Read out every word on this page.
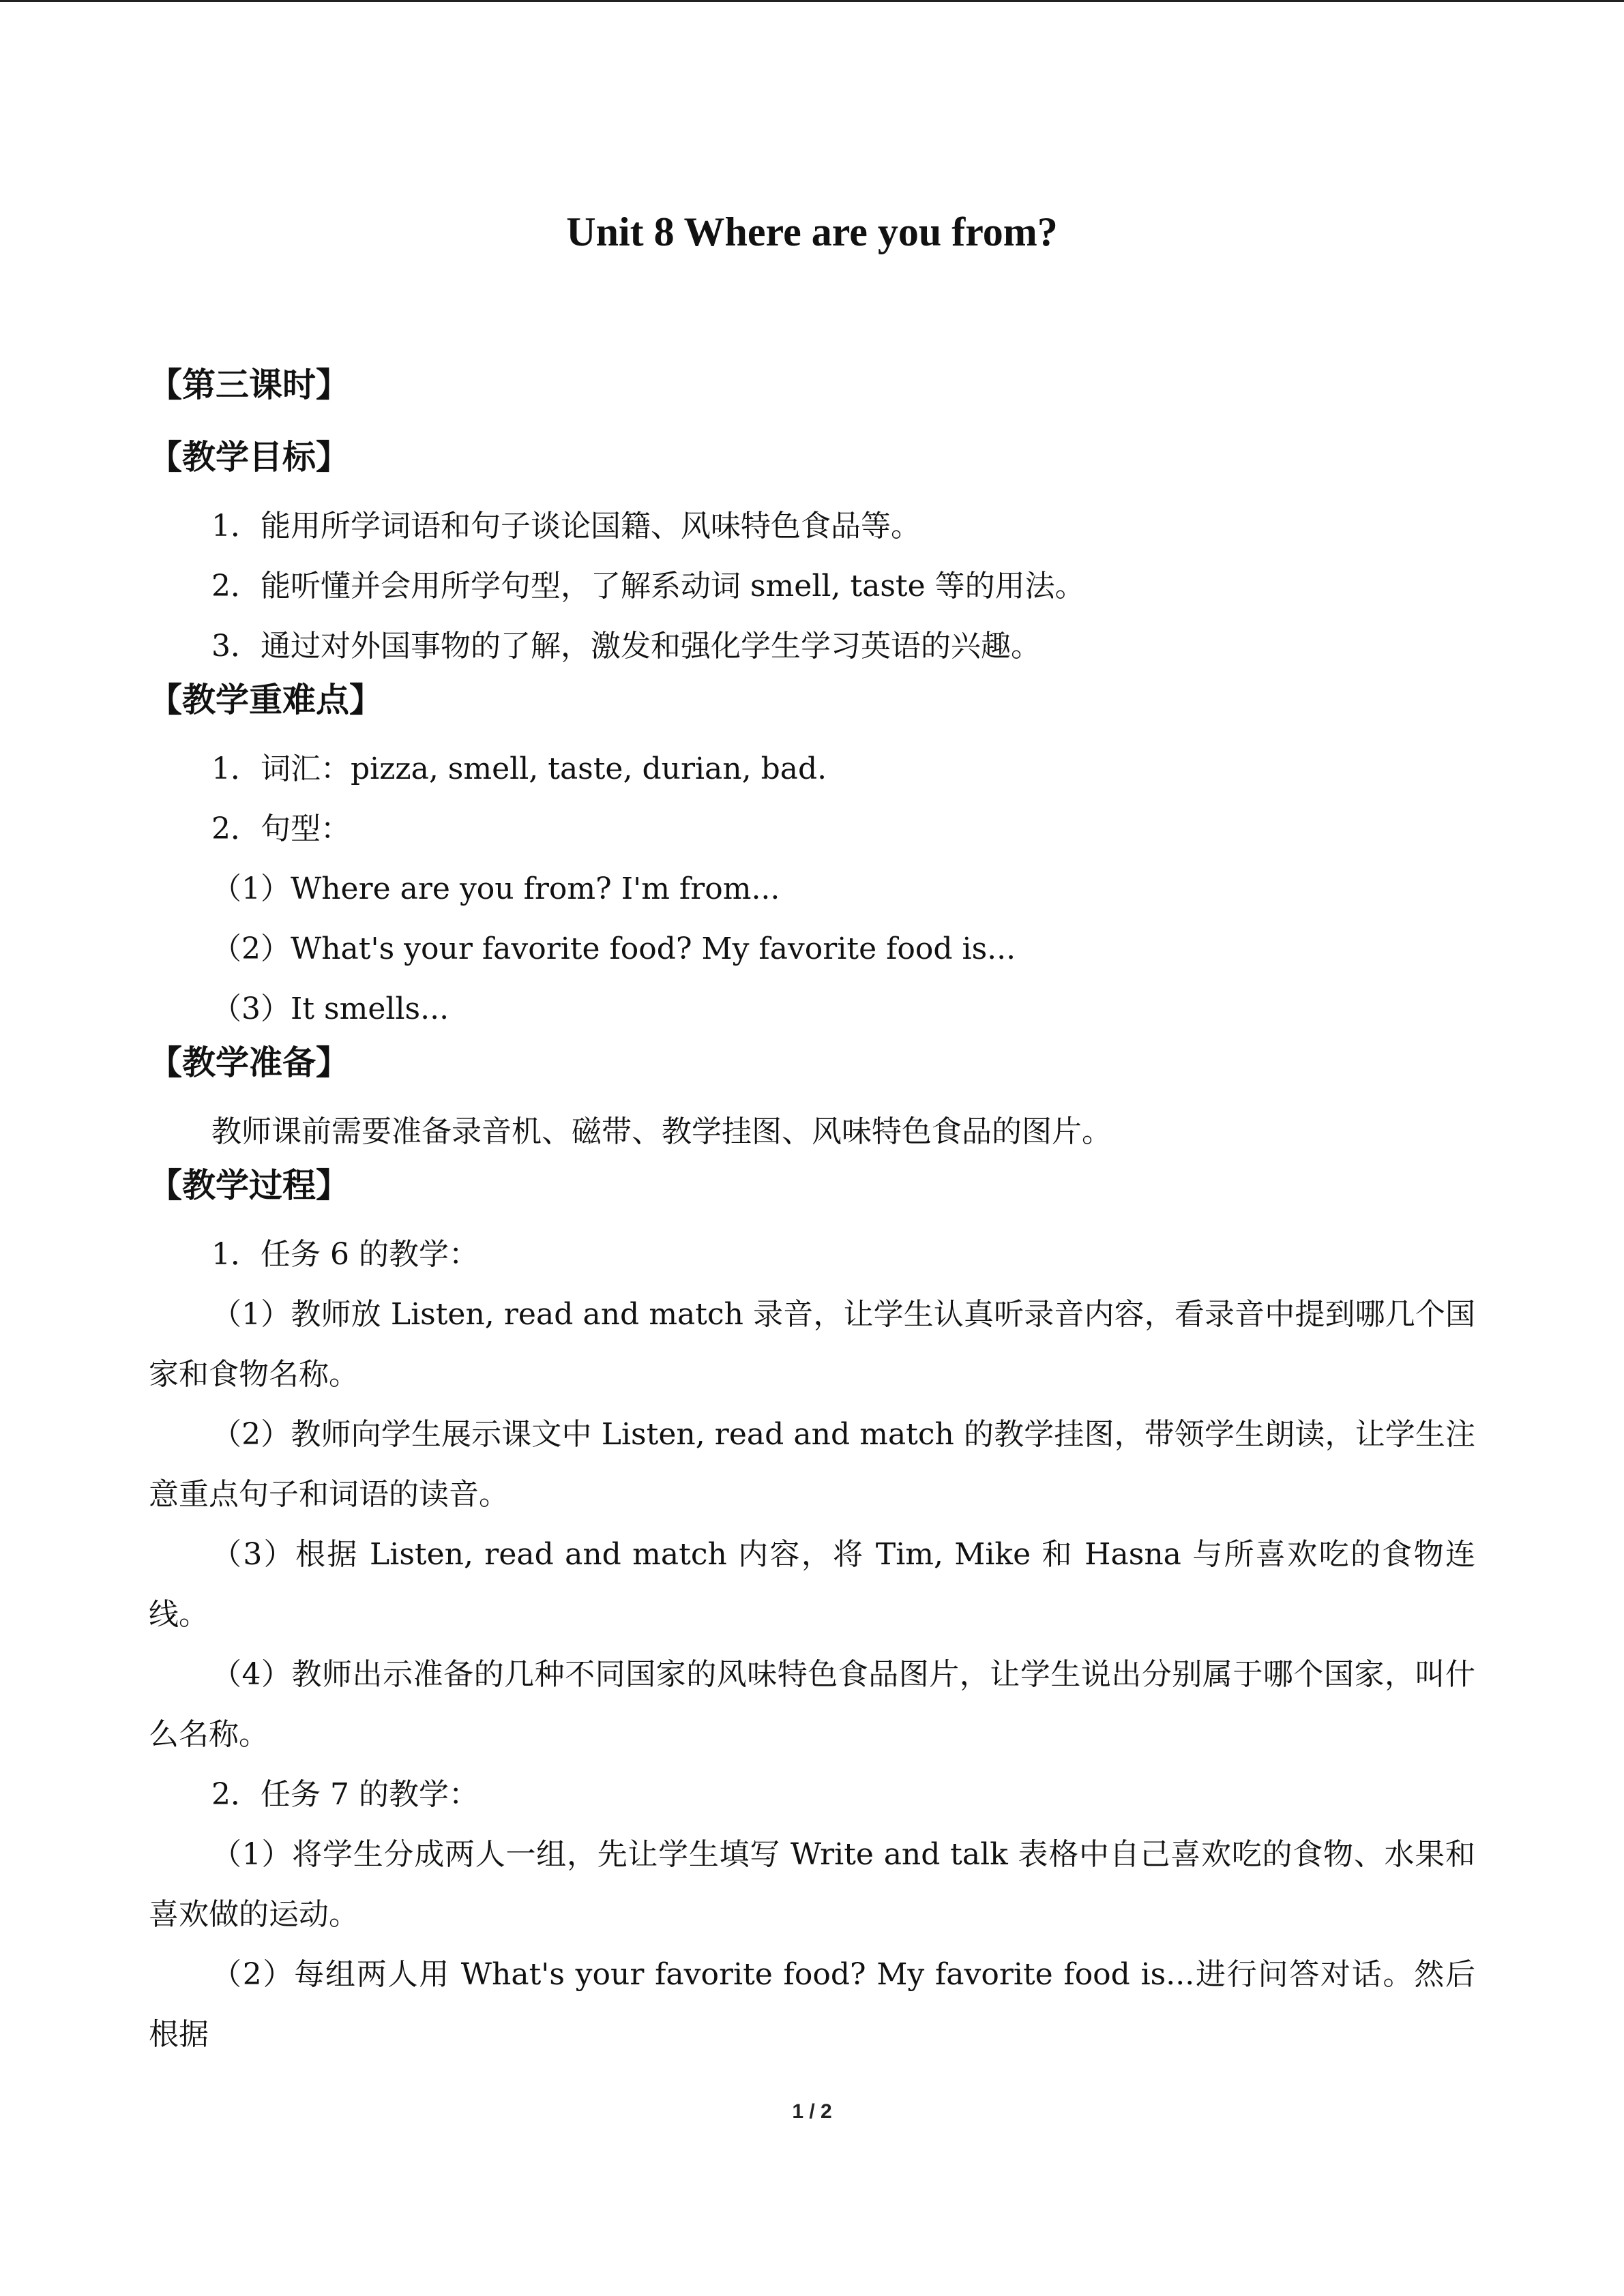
Unit 8 Where are you from?
【第三课时】
【教学目标】

1．能用所学词语和句子谈论国籍、风味特色食品等。

2．能听懂并会用所学句型，了解系动词 smell, taste 等的用法。

3．通过对外国事物的了解，激发和强化学生学习英语的兴趣。

【教学重难点】

1．词汇：pizza, smell, taste, durian, bad.

2．句型：

（1）Where are you from? I'm from...

（2）What's your favorite food? My favorite food is...

（3）It smells...

【教学准备】

教师课前需要准备录音机、磁带、教学挂图、风味特色食品的图片。

【教学过程】

1．任务 6 的教学：

（1）教师放 Listen, read and match 录音，让学生认真听录音内容，看录音中提到哪几个国家和食物名称。

（2）教师向学生展示课文中 Listen, read and match 的教学挂图，带领学生朗读，让学生注意重点句子和词语的读音。

（3）根据 Listen, read and match 内容，将 Tim, Mike 和 Hasna 与所喜欢吃的食物连线。

（4）教师出示准备的几种不同国家的风味特色食品图片，让学生说出分别属于哪个国家，叫什么名称。

2．任务 7 的教学：

（1）将学生分成两人一组，先让学生填写 Write and talk 表格中自己喜欢吃的食物、水果和喜欢做的运动。

（2）每组两人用 What's your favorite food? My favorite food is...进行问答对话。然后根据

1 / 2
